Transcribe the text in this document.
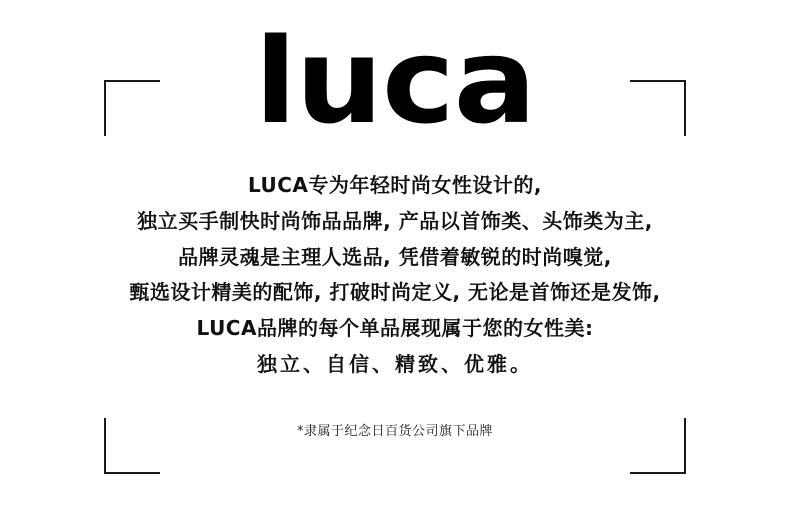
luca

LUCA专为年轻时尚女性设计的,

独立买手制快时尚饰品品牌, 产品以首饰类、头饰类为主,

品牌灵魂是主理人选品, 凭借着敏锐的时尚嗅觉,

甄选设计精美的配饰, 打破时尚定义, 无论是首饰还是发饰,

LUCA品牌的每个单品展现属于您的女性美:

独立、自信、精致、优雅。

*隶属于纪念日百货公司旗下品牌
